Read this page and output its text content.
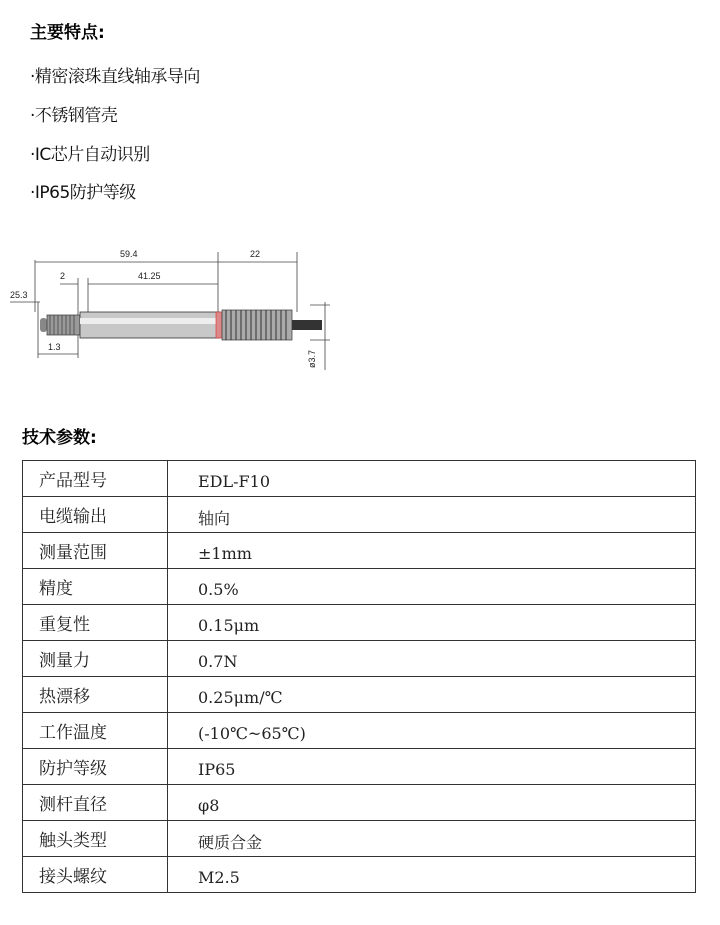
主要特点:
·精密滚珠直线轴承导向
·不锈钢管壳
·IC芯片自动识别
·IP65防护等级
59.4	22
41.25
2
25.3
1.3
ø3.7
技术参数:
产品型号	EDL-F10
电缆输出	轴向
测量范围	±1mm
精度	0.5%
重复性	0.15μm
测量力	0.7N
热漂移	0.25μm/℃
工作温度	(-10℃~65℃)
防护等级	IP65
测杆直径	φ8
触头类型	硬质合金
接头螺纹	M2.5
